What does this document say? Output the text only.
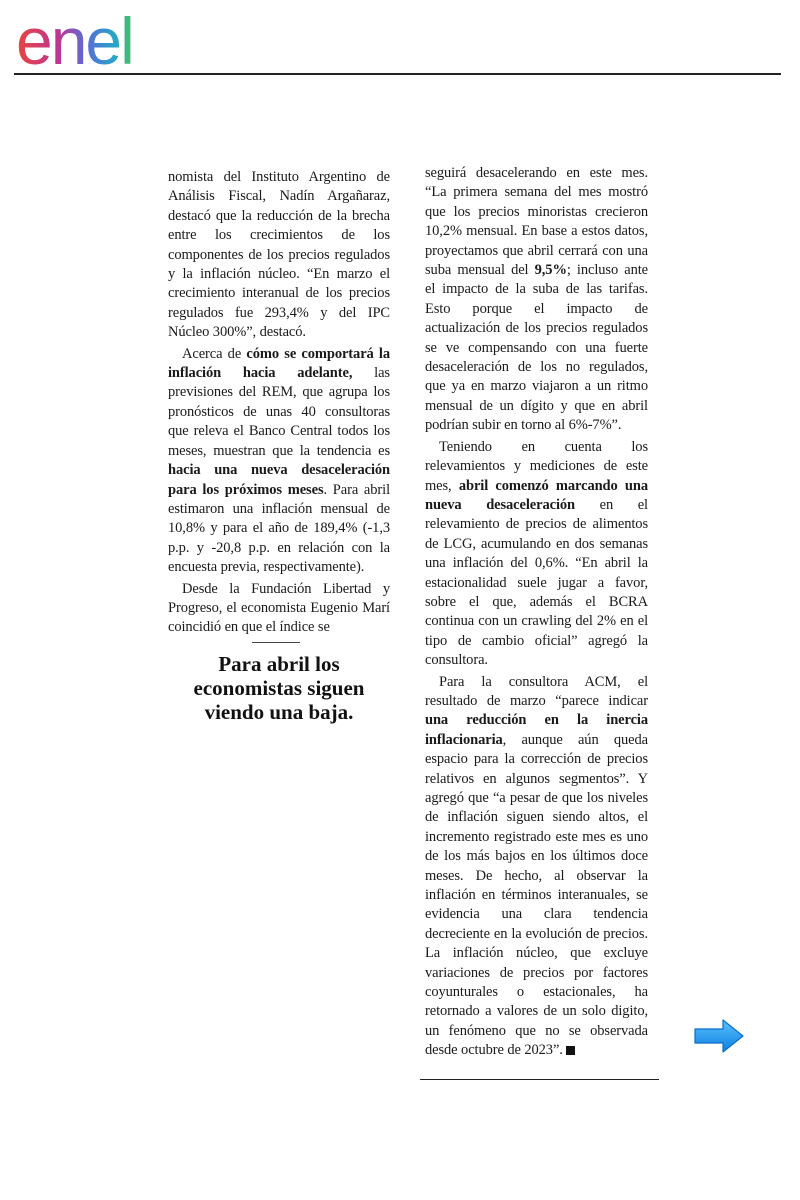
enel

nomista del Instituto Argentino de Análisis Fiscal, Nadín Argañaraz, destacó que la reducción de la brecha entre los crecimientos de los componentes de los precios regulados y la inflación núcleo. “En marzo el crecimiento interanual de los precios regulados fue 293,4% y del IPC Núcleo 300%”, destacó.

Acerca de cómo se comportará la inflación hacia adelante, las previsiones del REM, que agrupa los pronósticos de unas 40 consultoras que releva el Banco Central todos los meses, muestran que la tendencia es hacia una nueva desaceleración para los próximos meses. Para abril estimaron una inflación mensual de 10,8% y para el año de 189,4% (-1,3 p.p. y -20,8 p.p. en relación con la encuesta previa, respectivamente).

Desde la Fundación Libertad y Progreso, el economista Eugenio Marí coincidió en que el índice se

Para abril los economistas siguen viendo una baja.

seguirá desacelerando en este mes. “La primera semana del mes mostró que los precios minoristas crecieron 10,2% mensual. En base a estos datos, proyectamos que abril cerrará con una suba mensual del 9,5%; incluso ante el impacto de la suba de las tarifas. Esto porque el impacto de actualización de los precios regulados se ve compensando con una fuerte desaceleración de los no regulados, que ya en marzo viajaron a un ritmo mensual de un dígito y que en abril podrían subir en torno al 6%-7%”.

Teniendo en cuenta los relevamientos y mediciones de este mes, abril comenzó marcando una nueva desaceleración en el relevamiento de precios de alimentos de LCG, acumulando en dos semanas una inflación del 0,6%. “En abril la estacionalidad suele jugar a favor, sobre el que, además el BCRA continua con un crawling del 2% en el tipo de cambio oficial” agregó la consultora.

Para la consultora ACM, el resultado de marzo “parece indicar una reducción en la inercia inflacionaria, aunque aún queda espacio para la corrección de precios relativos en algunos segmentos”. Y agregó que “a pesar de que los niveles de inflación siguen siendo altos, el incremento registrado este mes es uno de los más bajos en los últimos doce meses. De hecho, al observar la inflación en términos interanuales, se evidencia una clara tendencia decreciente en la evolución de precios. La inflación núcleo, que excluye variaciones de precios por factores coyunturales o estacionales, ha retornado a valores de un solo digito, un fenómeno que no se observada desde octubre de 2023”.
